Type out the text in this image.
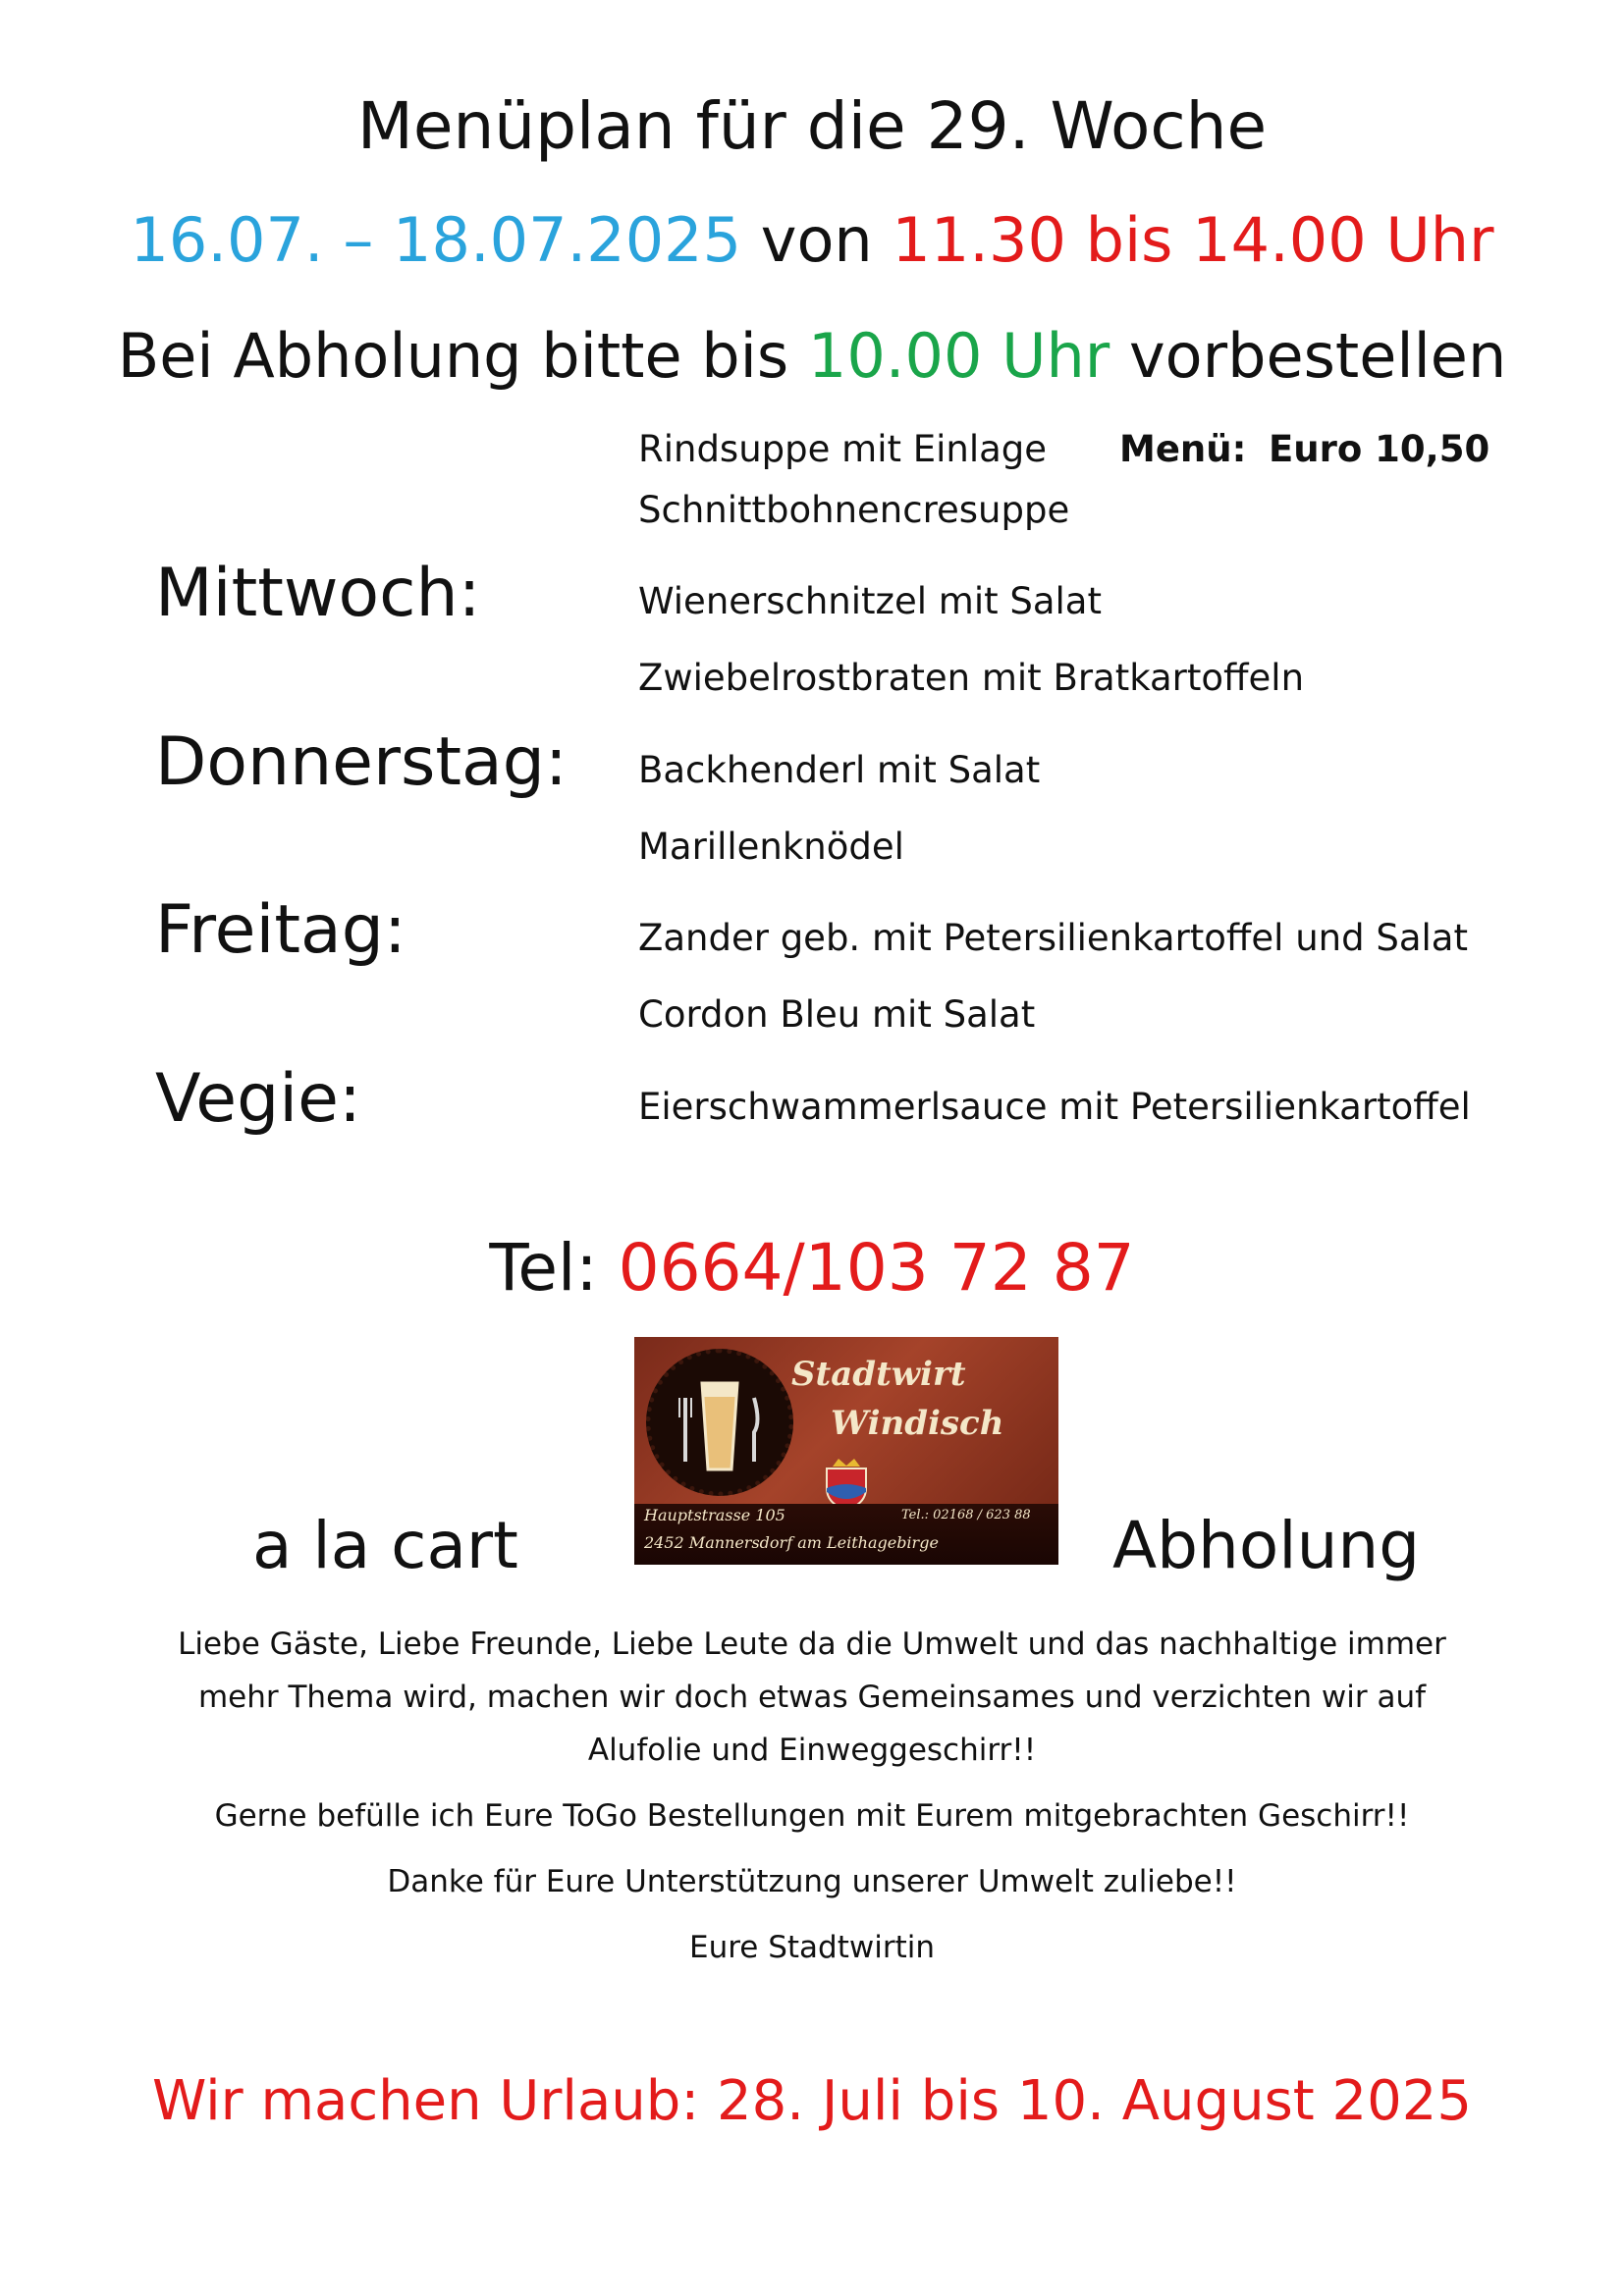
Menüplan für die 29. Woche
16.07. – 18.07.2025 von 11.30 bis 14.00 Uhr
Bei Abholung bitte bis 10.00 Uhr vorbestellen
Rindsuppe mit Einlage
Schnittbohnencresuppe
Menü: Euro 10,50
Mittwoch:	Wienerschnitzel mit Salat
Zwiebelrostbraten mit Bratkartoffeln
Donnerstag: Backhenderl mit Salat
Marillenknödel
Freitag:	Zander geb. mit Petersilienkartoffel und Salat
Cordon Bleu mit Salat
Vegie:	Eierschwammerlsauce mit Petersilienkartoffel
Tel: 0664/103 72 87
Stadtwirt
Windisch
Hauptstrasse 105	Tel.: 02168 / 623 88
2452 Mannersdorf am Leithagebirge
a la cart	Abholung
Liebe Gäste, Liebe Freunde, Liebe Leute da die Umwelt und das nachhaltige immer
mehr Thema wird, machen wir doch etwas Gemeinsames und verzichten wir auf
Alufolie und Einweggeschirr!!
Gerne befülle ich Eure ToGo Bestellungen mit Eurem mitgebrachten Geschirr!!
Danke für Eure Unterstützung unserer Umwelt zuliebe!!
Eure Stadtwirtin
Wir machen Urlaub: 28. Juli bis 10. August 2025
